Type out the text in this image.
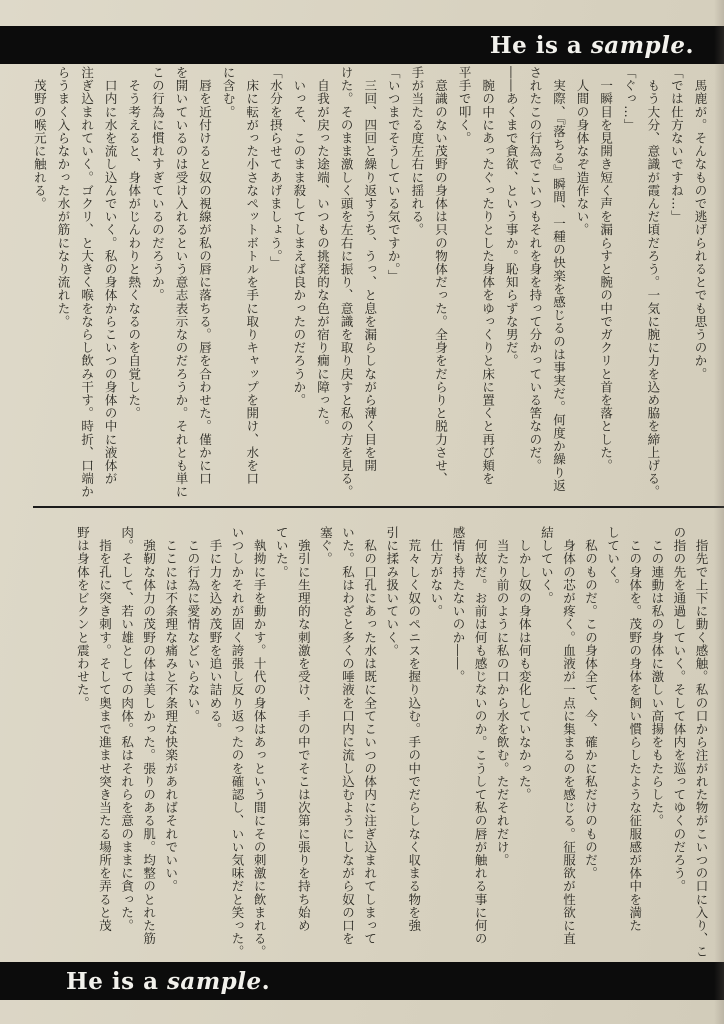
He is a sample.

　馬鹿が。そんなもので逃げられるとでも思うのか。

「では仕方ないですね…」

　もう大分、意識が霞んだ頃だろう。一気に腕に力を込め脇を締上げる。

「ぐっ…」

　一瞬目を見開き短く声を漏らすと腕の中でガクリと首を落とした。

　人間の身体なぞ造作ない。

　実際、『落ちる』瞬間、一種の快楽を感じるのは事実だ。何度か繰り返

されたこの行為でこいつもそれを身を持って分かっている筈なのだ。

――あくまで貪欲、という事か。恥知らずな男だ。

　腕の中にあったぐったりとした身体をゆっくりと床に置くと再び頬を

平手で叩く。

　意識のない茂野の身体は只の物体だった。全身をだらりと脱力させ、

手が当たる度左右に揺れる。

「いつまでそうしている気ですか。」

　三回、四回と繰り返すうち、うっ、と息を漏らしながら薄く目を開

けた。そのまま激しく頭を左右に振り、意識を取り戻すと私の方を見る。

　自我が戻った途端、いつもの挑発的な色が宿り癇に障った。

　いっそ、このまま殺してしまえば良かったのだろうか。

「水分を摂らせてあげましょう。」

　床に転がった小さなペットボトルを手に取りキャップを開け、水を口

に含む。

　唇を近付けると奴の視線が私の唇に落ちる。唇を合わせた。僅かに口

を開いているのは受け入れるという意志表示なのだろうか。それとも単に

この行為に慣れすぎているのだろうか。

　そう考えると、身体がじんわりと熱くなるのを自覚した。

　口内に水を流し込んでいく。私の身体からこいつの身体の中に液体が

注ぎ込まれていく。ゴクリ、と大きく喉をならし飲み干す。時折、口端か

らうまく入らなかった水が筋になり流れた。

　茂野の喉元に触れる。

　指先で上下に動く感触。私の口から注がれた物がこいつの口に入り、こ

の指の先を通過していく。そして体内を巡ってゆくのだろう。

　この連動は私の身体に激しい高揚をもたらした。

　この身体を。茂野の身体を飼い慣らしたような征服感が体中を満た

していく。

　私のものだ。この身体全て、今、確かに私だけのものだ。

　身体の芯が疼く。血液が一点に集まるのを感じる。征服欲が性欲に直

結していく。

　しかし奴の身体は何も変化していなかった。

　当たり前のように私の口から水を飲む。ただそれだけ。

　何故だ。お前は何も感じないのか。こうして私の唇が触れる事に何の

感情も持たないのか――。

　仕方がない。

　荒々しく奴のペニスを握り込む。手の中でだらしなく収まる物を強

引に揉み扱いていく。

　私の口孔にあった水は既に全てこいつの体内に注ぎ込まれてしまって

いた。私はわざと多くの唾液を口内に流し込むようにしながら奴の口を

塞ぐ。

　強引に生理的な刺激を受け、手の中でそこは次第に張りを持ち始め

ていた。

　執拗に手を動かす。十代の身体はあっという間にその刺激に飲まれる。

いつしかそれが固く誇張し反り返ったのを確認し、いい気味だと笑った。

　手に力を込め茂野を追い詰める。

　この行為に愛情などいらない。

　ここには不条理な痛みと不条理な快楽があればそれでいい。

　強靭な体力の茂野の体は美しかった。張りのある肌。均整のとれた筋

肉。そして、若い雄としての肉体。私はそれらを意のままに貪った。

　指を孔に突き刺す。そして奥まで進ませ突き当たる場所を弄ると茂

野は身体をビクンと震わせた。

He is a sample.
